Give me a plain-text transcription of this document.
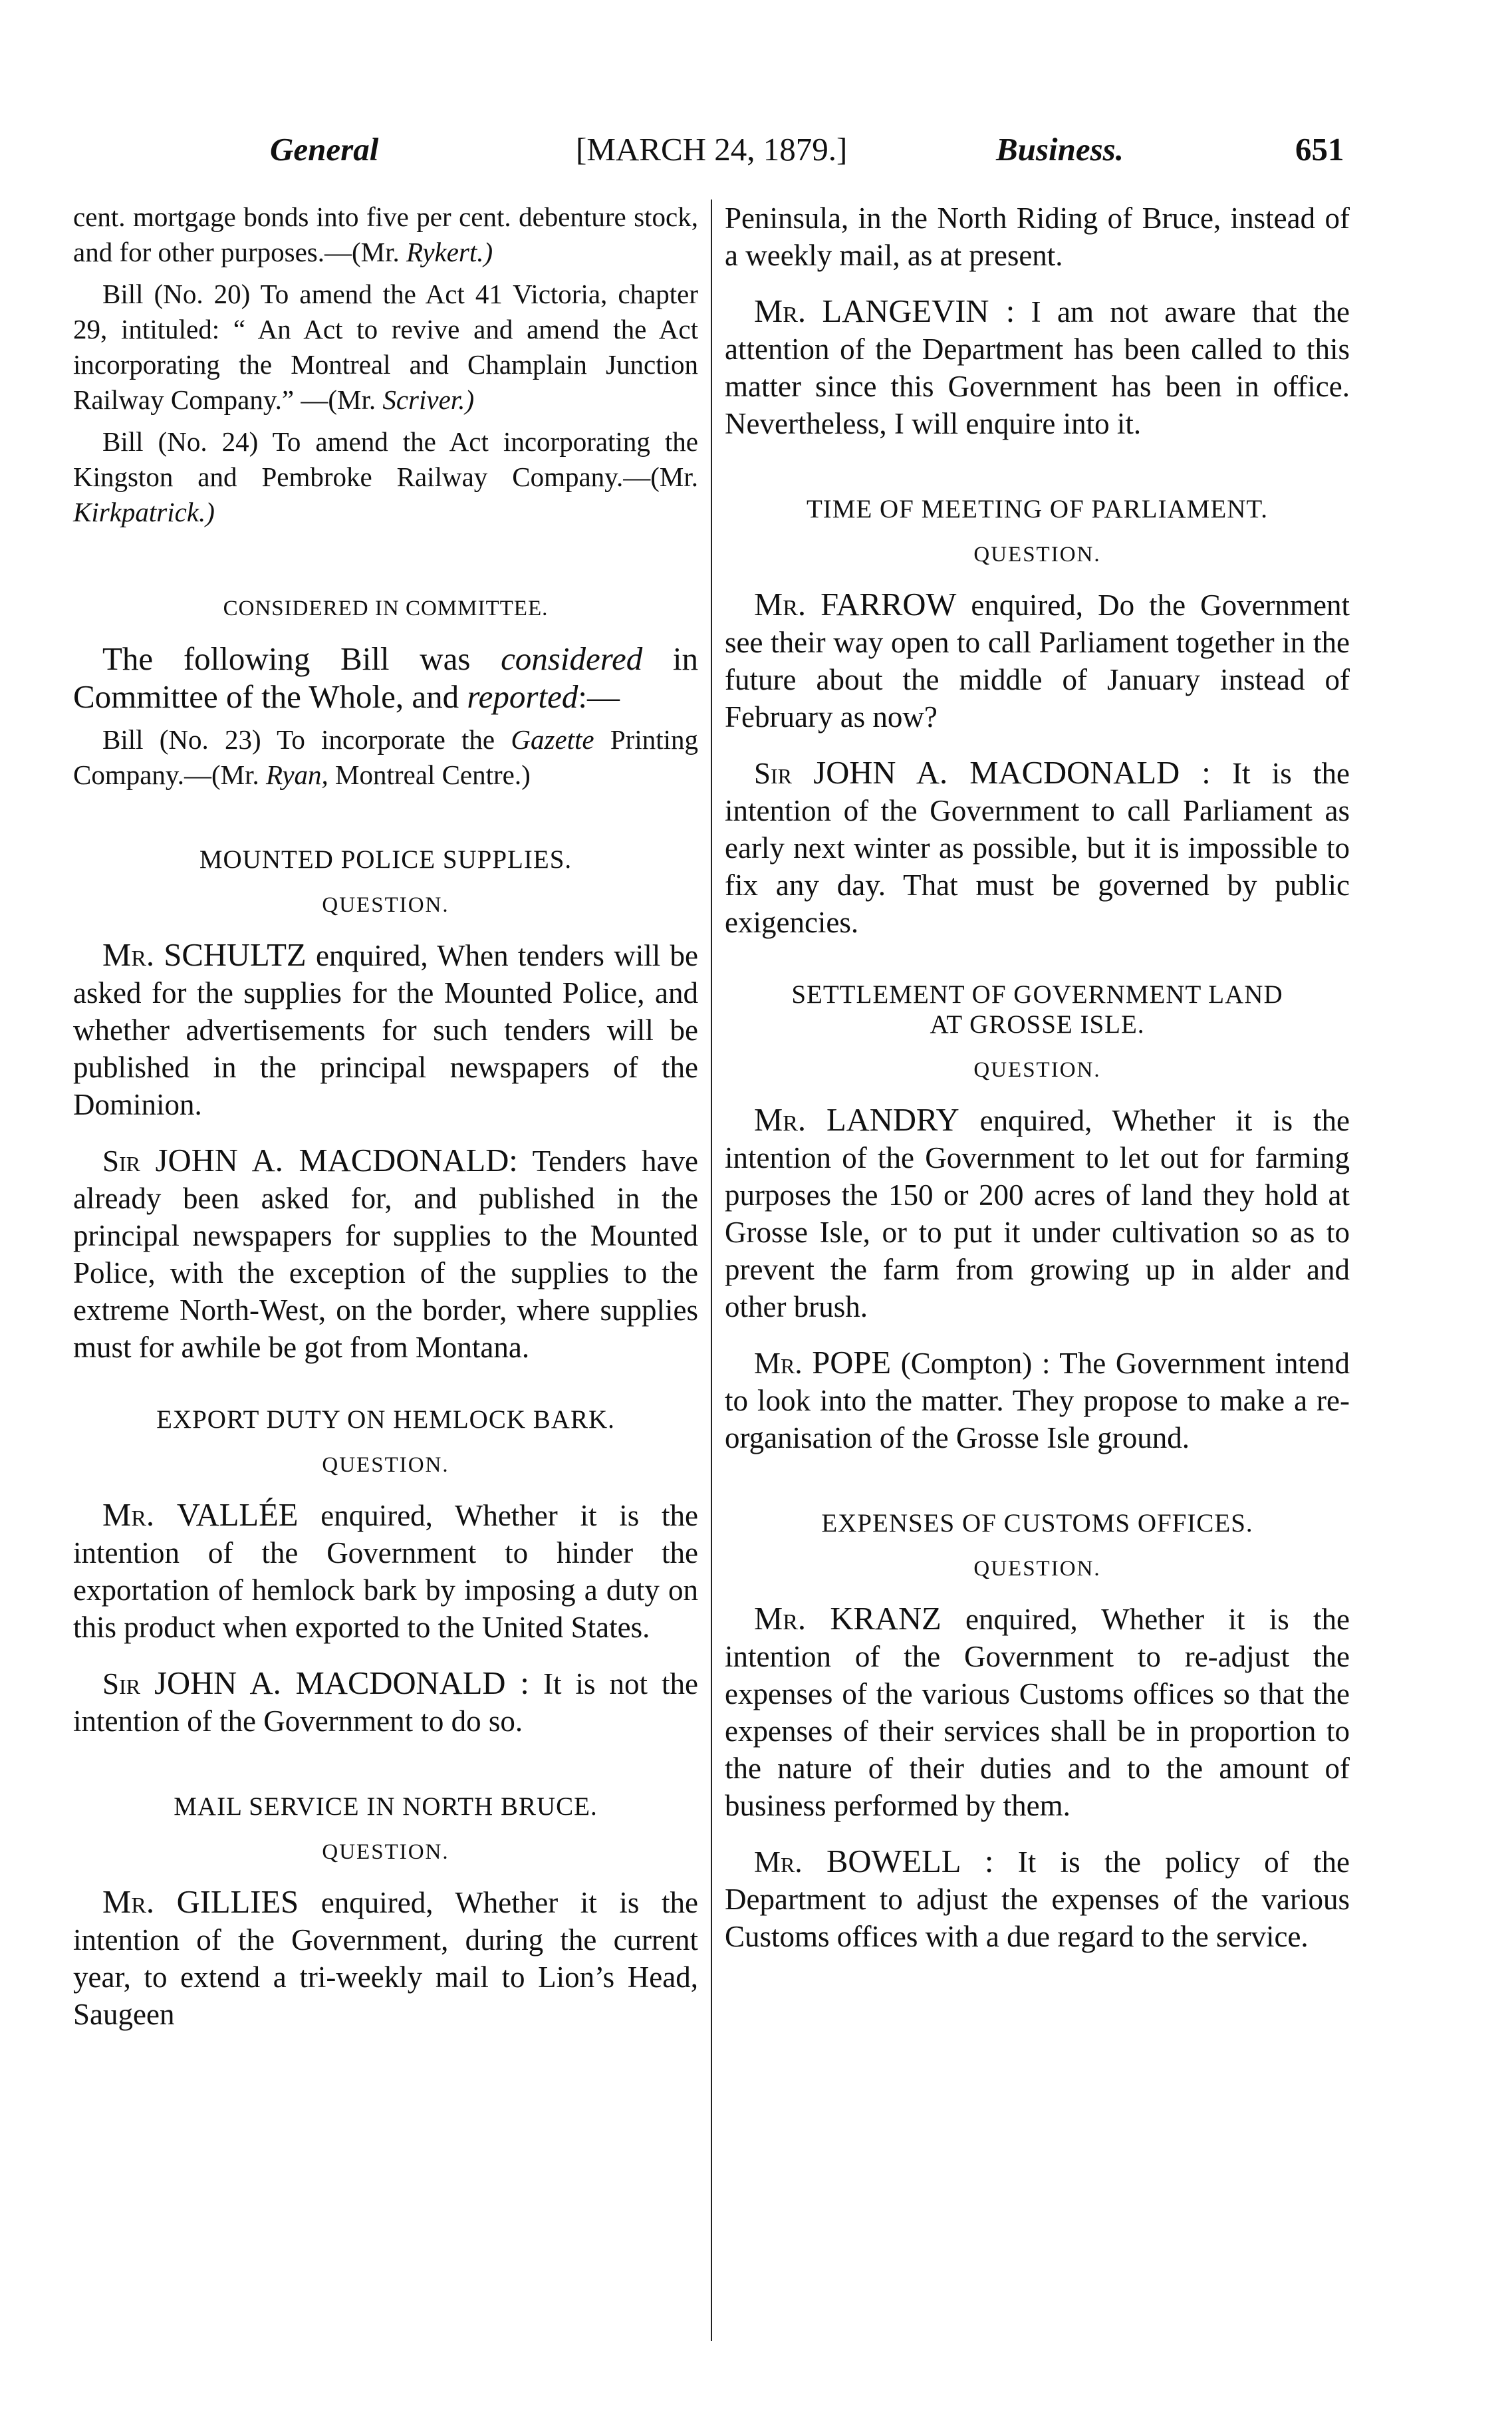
General	[MARCH 24, 1879.]	Business.	651

cent. mortgage bonds into five per cent. debenture stock, and for other purposes.—(Mr. Rykert.)

Bill (No. 20) To amend the Act 41 Victoria, chapter 29, intituled: “ An Act to revive and amend the Act incorporating the Montreal and Champlain Junction Railway Company.” —(Mr. Scriver.)

Bill (No. 24) To amend the Act incorporating the Kingston and Pembroke Railway Company.—(Mr. Kirkpatrick.)

CONSIDERED IN COMMITTEE.

The following Bill was considered in Committee of the Whole, and reported:—

Bill (No. 23) To incorporate the Gazette Printing Company.—(Mr. Ryan, Montreal Centre.)

MOUNTED POLICE SUPPLIES.
QUESTION.

Mr. SCHULTZ enquired, When tenders will be asked for the supplies for the Mounted Police, and whether advertisements for such tenders will be published in the principal newspapers of the Dominion.

Sir JOHN A. MACDONALD: Tenders have already been asked for, and published in the principal newspapers for supplies to the Mounted Police, with the exception of the supplies to the extreme North-West, on the border, where supplies must for awhile be got from Montana.

EXPORT DUTY ON HEMLOCK BARK.
QUESTION.

Mr. VALLÉE enquired, Whether it is the intention of the Government to hinder the exportation of hemlock bark by imposing a duty on this product when exported to the United States.

Sir JOHN A. MACDONALD : It is not the intention of the Government to do so.

MAIL SERVICE IN NORTH BRUCE.
QUESTION.

Mr. GILLIES enquired, Whether it is the intention of the Government, during the current year, to extend a tri-weekly mail to Lion’s Head, Saugeen

Peninsula, in the North Riding of Bruce, instead of a weekly mail, as at present.

Mr. LANGEVIN : I am not aware that the attention of the Department has been called to this matter since this Government has been in office. Nevertheless, I will enquire into it.

TIME OF MEETING OF PARLIAMENT.
QUESTION.

Mr. FARROW enquired, Do the Government see their way open to call Parliament together in the future about the middle of January instead of February as now?

Sir JOHN A. MACDONALD : It is the intention of the Government to call Parliament as early next winter as possible, but it is impossible to fix any day. That must be governed by public exigencies.

SETTLEMENT OF GOVERNMENT LAND
AT GROSSE ISLE.
QUESTION.

Mr. LANDRY enquired, Whether it is the intention of the Government to let out for farming purposes the 150 or 200 acres of land they hold at Grosse Isle, or to put it under cultivation so as to prevent the farm from growing up in alder and other brush.

Mr. POPE (Compton) : The Government intend to look into the matter. They propose to make a re-organisation of the Grosse Isle ground.

EXPENSES OF CUSTOMS OFFICES.
QUESTION.

Mr. KRANZ enquired, Whether it is the intention of the Government to re-adjust the expenses of the various Customs offices so that the expenses of their services shall be in proportion to the nature of their duties and to the amount of business performed by them.

Mr. BOWELL : It is the policy of the Department to adjust the expenses of the various Customs offices with a due regard to the service.
